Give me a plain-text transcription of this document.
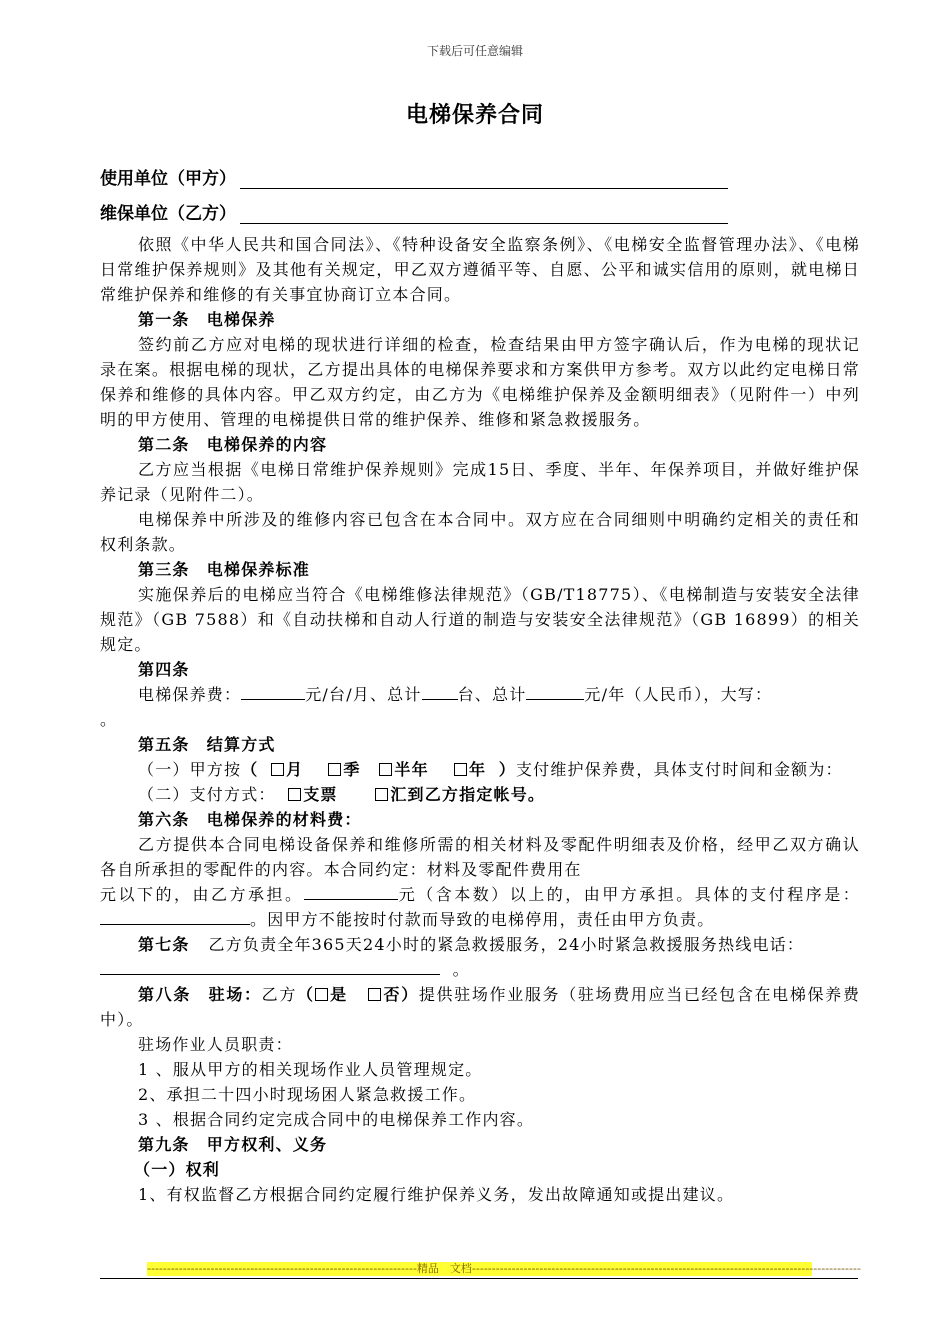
下载后可任意编辑
电梯保养合同
使用单位（甲方）
维保单位（乙方）

依照《中华人民共和国合同法》、《特种设备安全监察条例》、《电梯安全监督管理办法》、《电梯日常维护保养规则》及其他有关规定，甲乙双方遵循平等、自愿、公平和诚实信用的原则，就电梯日常维护保养和维修的有关事宜协商订立本合同。

第一条　电梯保养

签约前乙方应对电梯的现状进行详细的检查，检查结果由甲方签字确认后，作为电梯的现状记录在案。根据电梯的现状，乙方提出具体的电梯保养要求和方案供甲方参考。双方以此约定电梯日常保养和维修的具体内容。甲乙双方约定，由乙方为《电梯维护保养及金额明细表》（见附件一）中列明的甲方使用、管理的电梯提供日常的维护保养、维修和紧急救援服务。

第二条　电梯保养的内容

乙方应当根据《电梯日常维护保养规则》完成15日、季度、半年、年保养项目，并做好维护保养记录（见附件二）。

电梯保养中所涉及的维修内容已包含在本合同中。双方应在合同细则中明确约定相关的责任和权利条款。

第三条　电梯保养标准

实施保养后的电梯应当符合《电梯维修法律规范》（GB/T18775）、《电梯制造与安装安全法律规范》（GB 7588）和《自动扶梯和自动人行道的制造与安装安全法律规范》（GB 16899）的相关规定。

第四条

电梯保养费：	元/台/月、总计 台、总计	元/年（人民币），大写：

。

第五条　结算方式

（一）甲方按（ 月	季 半年	年 ）支付维护保养费，具体支付时间和金额为：

（二）支付方式： 支票	汇到乙方指定帐号。

第六条　电梯保养的材料费：

乙方提供本合同电梯设备保养和维修所需的相关材料及零配件明细表及价格，经甲乙双方确认各自所承担的零配件的内容。本合同约定：材料及零配件费用在

元以下的，由乙方承担。	元（含本数）以上的，由甲方承担。具体的支付程序是：。因甲方不能按时付款而导致的电梯停用，责任由甲方负责。

第七条 乙方负责全年365天24小时的紧急救援服务，24小时紧急救援服务热线电话：

。

第八条　驻场：乙方（ 是 否）提供驻场作业服务（驻场费用应当已经包含在电梯保养费中）。

驻场作业人员职责：

1 、服从甲方的相关现场作业人员管理规定。

2、承担二十四小时现场困人紧急救援工作。

3 、根据合同约定完成合同中的电梯保养工作内容。

第九条　甲方权利、义务

（一）权利

1、有权监督乙方根据合同约定履行维护保养义务，发出故障通知或提出建议。

--------------------------------------------------------------------精品　文档--------------------------------------------------------------------------------------------------
